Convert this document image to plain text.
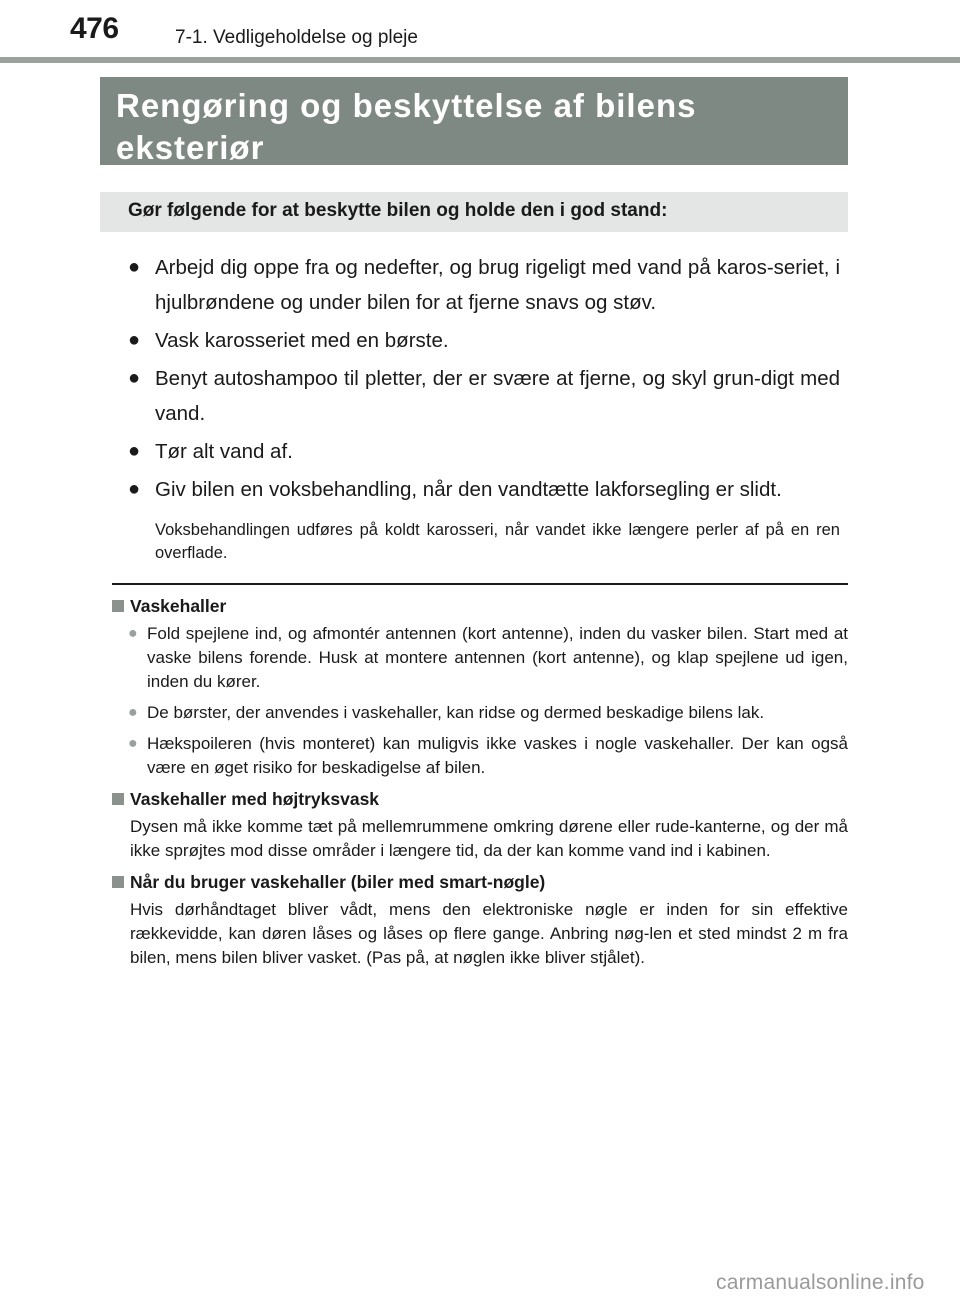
476	7-1. Vedligeholdelse og pleje
Rengøring og beskyttelse af bilens
eksteriør
Gør følgende for at beskytte bilen og holde den i god stand:
● Arbejd dig oppe fra og nedefter, og brug rigeligt med vand på karos-seriet, i hjulbrøndene og under bilen for at fjerne snavs og støv.
● Vask karosseriet med en børste.
● Benyt autoshampoo til pletter, der er svære at fjerne, og skyl grun-digt med vand.
● Tør alt vand af.
● Giv bilen en voksbehandling, når den vandtætte lakforsegling er slidt.
Voksbehandlingen udføres på koldt karosseri, når vandet ikke længere perler af på en ren overflade.
Vaskehaller
● Fold spejlene ind, og afmontér antennen (kort antenne), inden du vasker bilen. Start med at vaske bilens forende. Husk at montere antennen (kort antenne), og klap spejlene ud igen, inden du kører.
● De børster, der anvendes i vaskehaller, kan ridse og dermed beskadige bilens lak.
● Hækspoileren (hvis monteret) kan muligvis ikke vaskes i nogle vaskehaller. Der kan også være en øget risiko for beskadigelse af bilen.
Vaskehaller med højtryksvask
Dysen må ikke komme tæt på mellemrummene omkring dørene eller rude-kanterne, og der må ikke sprøjtes mod disse områder i længere tid, da der kan komme vand ind i kabinen.
Når du bruger vaskehaller (biler med smart-nøgle)
Hvis dørhåndtaget bliver vådt, mens den elektroniske nøgle er inden for sin effektive rækkevidde, kan døren låses og låses op flere gange. Anbring nøg-len et sted mindst 2 m fra bilen, mens bilen bliver vasket. (Pas på, at nøglen ikke bliver stjålet).
carmanualsonline.info
